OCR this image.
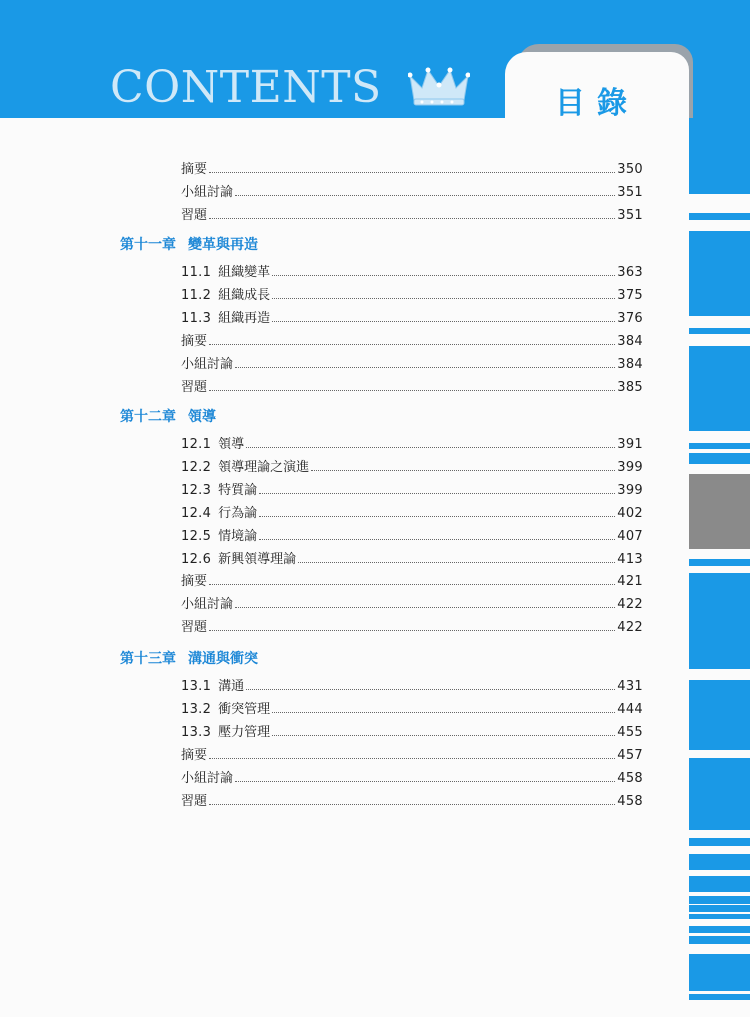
CONTENTS	目錄
摘要	350
小組討論	351
習題	351
第十一章 變革與再造
11.1 組織變革	363
11.2 組織成長	375
11.3 組織再造	376
摘要	384
小組討論	384
習題	385
第十二章 領導
12.1 領導	391
12.2 領導理論之演進	399
12.3 特質論	399
12.4 行為論	402
12.5 情境論	407
12.6 新興領導理論	413
摘要	421
小組討論	422
習題	422
第十三章 溝通與衝突
13.1 溝通	431
13.2 衝突管理	444
13.3 壓力管理	455
摘要	457
小組討論	458
習題	458
